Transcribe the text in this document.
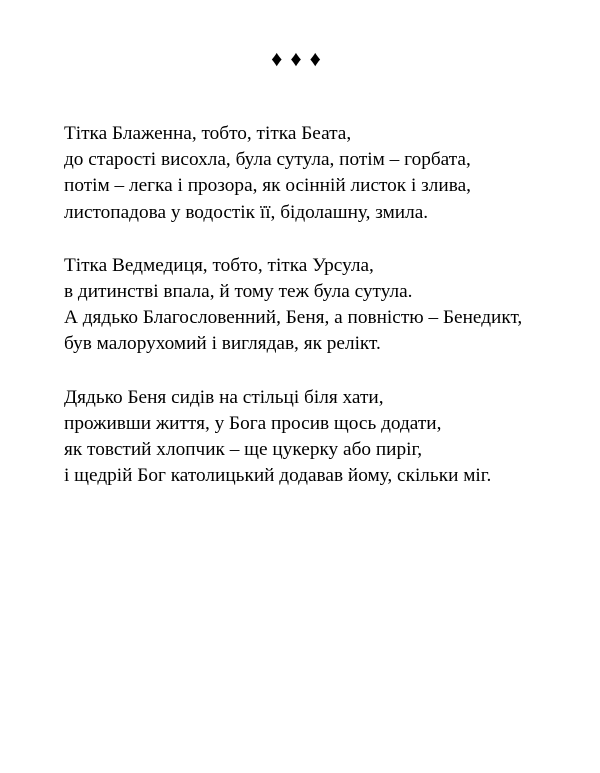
♦♦♦
Тітка Блаженна, тобто, тітка Беата,
до старості висохла, була сутула, потім – горбата,
потім – легка і прозора, як осінній листок і злива,
листопадова у водостік її, бідолашну, змила.
Тітка Ведмедиця, тобто, тітка Урсула,
в дитинстві впала, й тому теж була сутула.
А дядько Благословенний, Беня, а повністю – Бенедикт,
був малорухомий і виглядав, як релікт.
Дядько Беня сидів на стільці біля хати,
проживши життя, у Бога просив щось додати,
як товстий хлопчик – ще цукерку або пиріг,
і щедрій Бог католицький додавав йому, скільки міг.
